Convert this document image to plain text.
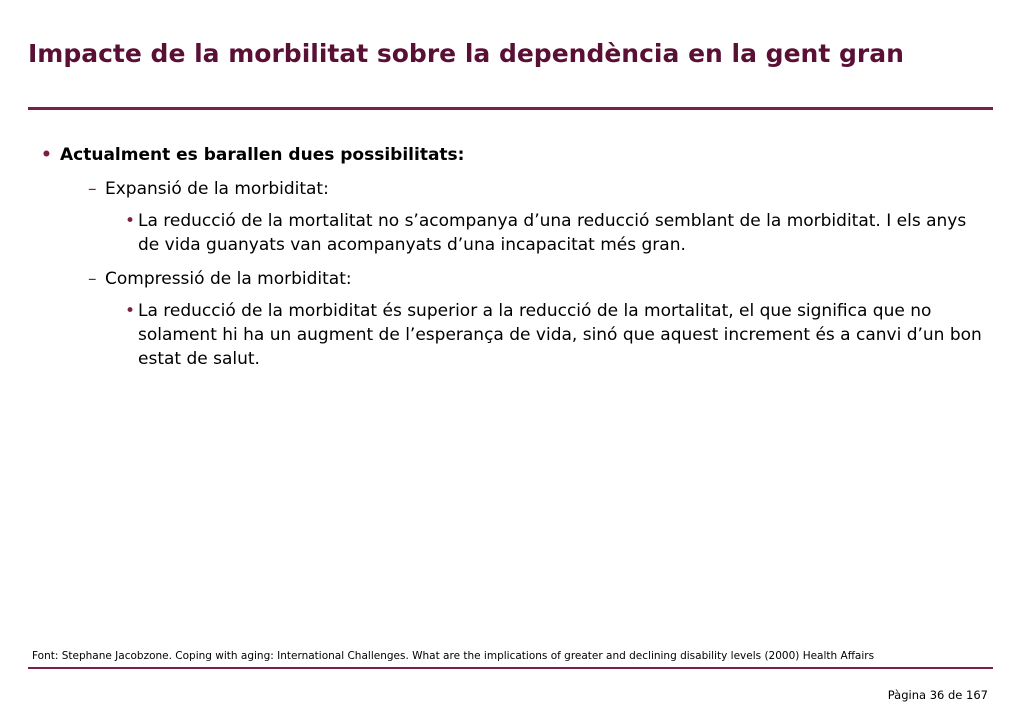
Impacte de la morbilitat sobre la dependència en la gent gran
• Actualment es barallen dues possibilitats:
– Expansió de la morbiditat:
• La reducció de la mortalitat no s’acompanya d’una reducció semblant de la morbiditat. I els anys de vida guanyats van acompanyats d’una incapacitat més gran.
– Compressió de la morbiditat:
• La reducció de la morbiditat és superior a la reducció de la mortalitat, el que significa que no solament hi ha un augment de l’esperança de vida, sinó que aquest increment és a canvi d’un bon estat de salut.
Font: Stephane Jacobzone. Coping with aging: International Challenges. What are the implications of greater and declining disability levels (2000) Health Affairs
Pàgina 36 de 167
